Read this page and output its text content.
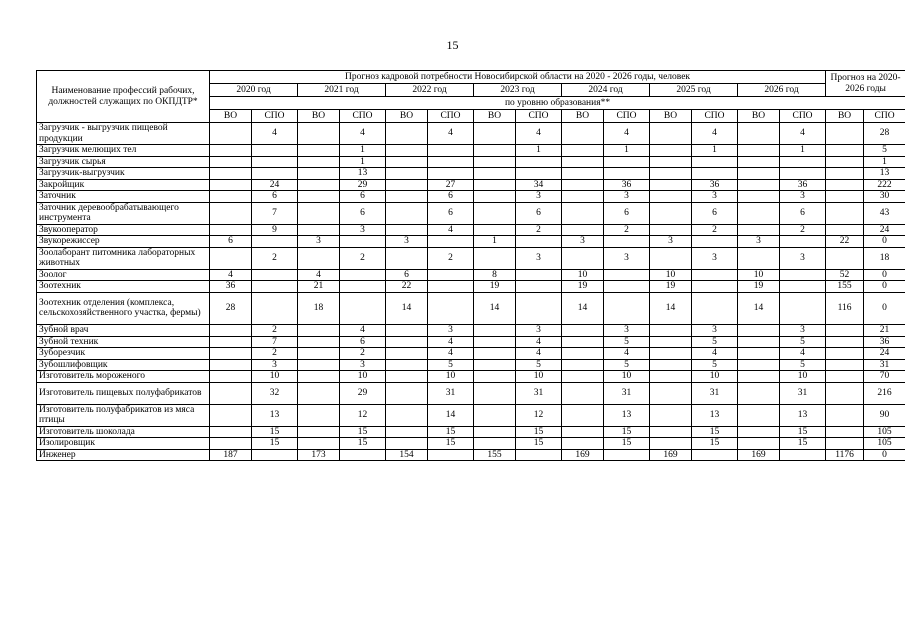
15
Наименование профессий рабочих, должностей служащих по ОКПДТР*	Прогноз кадровой потребности Новосибирской области на 2020 - 2026 годы, человек														Прогноз на 2020-2026 годы	
	2020 год		2021 год		2022 год		2023 год		2024 год		2025 год		2026 год			
	по уровню образования**															
	ВО	СПО	ВО	СПО	ВО	СПО	ВО	СПО	ВО	СПО	ВО	СПО	ВО	СПО	ВО	СПО
Загрузчик - выгрузчик пищевой продукции		4		4		4		4		4		4		4		28
Загрузчик мелющих тел				1				1		1		1		1		5
Загрузчик сырья				1												1
Загрузчик-выгрузчик				13												13
Закройщик		24		29		27		34		36		36		36		222
Заточник		6		6		6		3		3		3		3		30
Заточник деревообрабатывающего инструмента		7		6		6		6		6		6		6		43
Звукооператор		9		3		4		2		2		2		2		24
Звукорежиссер	6		3		3		1		3		3		3		22	0
Зоолаборант питомника лабораторных животных		2		2		2		3		3		3		3		18
Зоолог	4		4		6		8		10		10		10		52	0
Зоотехник	36		21		22		19		19		19		19		155	0
Зоотехник отделения (комплекса, сельскохозяйственного участка, фермы)	28		18		14		14		14		14		14		116	0
Зубной врач		2		4		3		3		3		3		3		21
Зубной техник		7		6		4		4		5		5		5		36
Зуборезчик		2		2		4		4		4		4		4		24
Зубошлифовщик		3		3		5		5		5		5		5		31
Изготовитель мороженого		10		10		10		10		10		10		10		70
Изготовитель пищевых полуфабрикатов		32		29		31		31		31		31		31		216
Изготовитель полуфабрикатов из мяса птицы		13		12		14		12		13		13		13		90
Изготовитель шоколада		15		15		15		15		15		15		15		105
Изолировщик		15		15		15		15		15		15		15		105
Инженер	187		173		154		155		169		169		169		1176	0
